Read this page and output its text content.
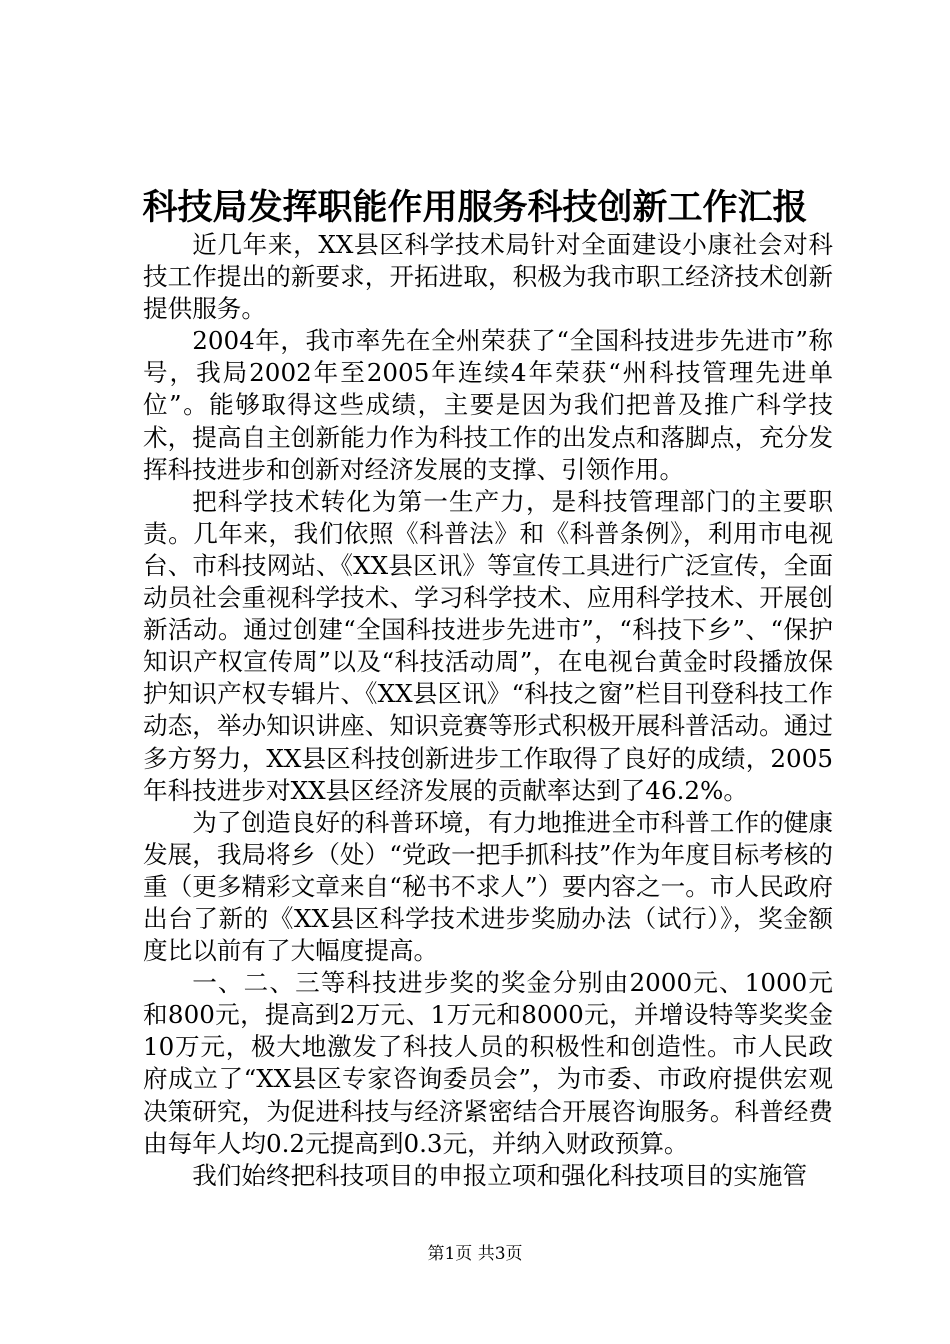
科技局发挥职能作用服务科技创新工作汇报

近几年来，XX县区科学技术局针对全面建设小康社会对科技工作提出的新要求，开拓进取，积极为我市职工经济技术创新提供服务。

2004年，我市率先在全州荣获了“全国科技进步先进市”称号，我局2002年至2005年连续4年荣获“州科技管理先进单位”。能够取得这些成绩，主要是因为我们把普及推广科学技术，提高自主创新能力作为科技工作的出发点和落脚点，充分发挥科技进步和创新对经济发展的支撑、引领作用。

把科学技术转化为第一生产力，是科技管理部门的主要职责。几年来，我们依照《科普法》和《科普条例》，利用市电视台、市科技网站、《XX县区讯》等宣传工具进行广泛宣传，全面动员社会重视科学技术、学习科学技术、应用科学技术、开展创新活动。通过创建“全国科技进步先进市”，“科技下乡”、“保护知识产权宣传周”以及“科技活动周”，在电视台黄金时段播放保护知识产权专辑片、《XX县区讯》“科技之窗”栏目刊登科技工作动态，举办知识讲座、知识竞赛等形式积极开展科普活动。通过多方努力，XX县区科技创新进步工作取得了良好的成绩，2005年科技进步对XX县区经济发展的贡献率达到了46.2%。

为了创造良好的科普环境，有力地推进全市科普工作的健康发展，我局将乡（处）“党政一把手抓科技”作为年度目标考核的重（更多精彩文章来自“秘书不求人”）要内容之一。市人民政府出台了新的《XX县区科学技术进步奖励办法（试行）》，奖金额度比以前有了大幅度提高。

一、二、三等科技进步奖的奖金分别由2000元、1000元和800元，提高到2万元、1万元和8000元，并增设特等奖奖金10万元，极大地激发了科技人员的积极性和创造性。市人民政府成立了“XX县区专家咨询委员会”，为市委、市政府提供宏观决策研究，为促进科技与经济紧密结合开展咨询服务。科普经费由每年人均0.2元提高到0.3元，并纳入财政预算。

我们始终把科技项目的申报立项和强化科技项目的实施管

第1页 共3页
